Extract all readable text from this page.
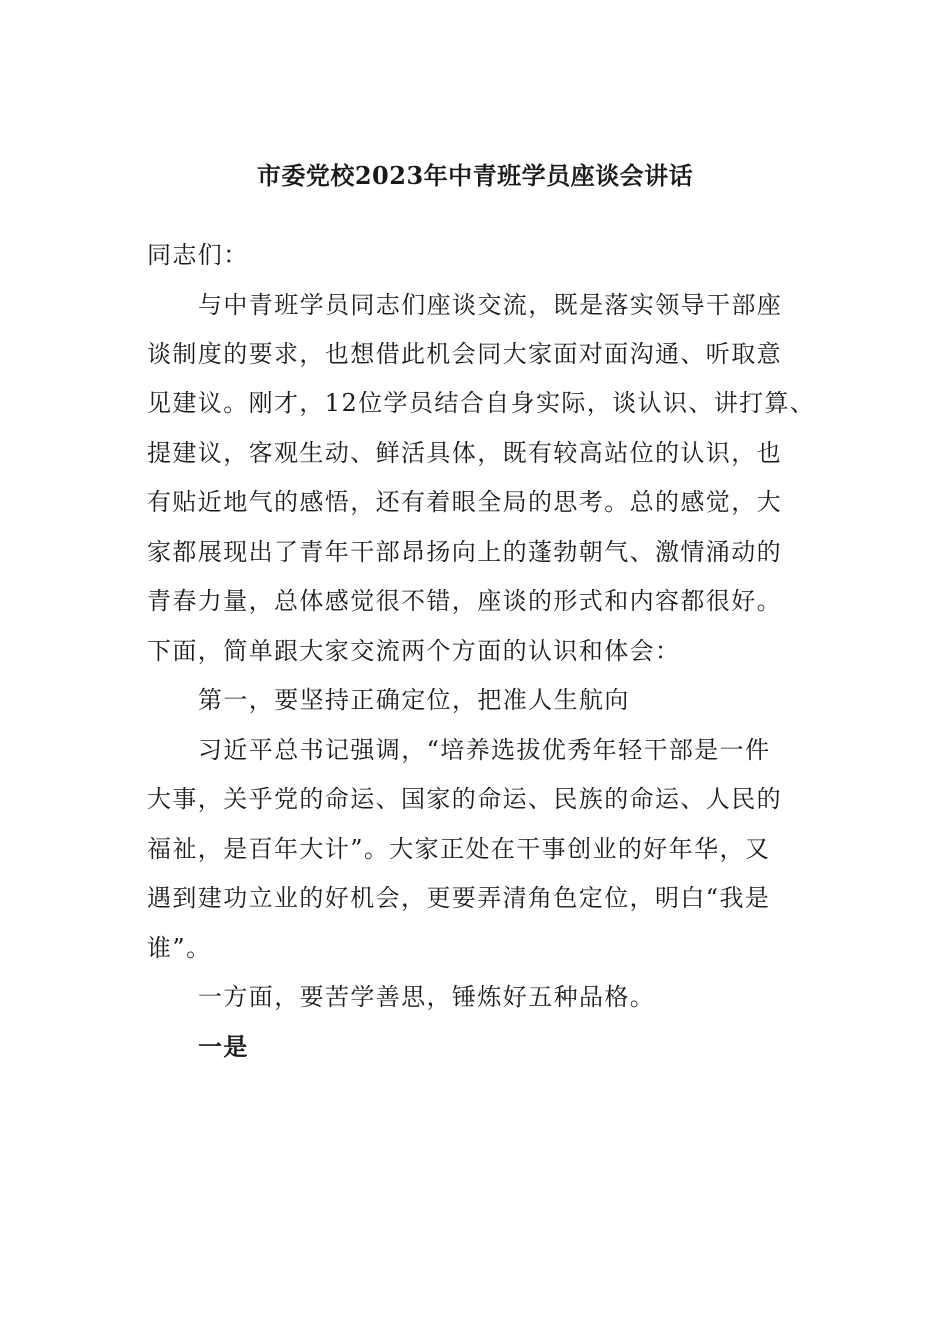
市委党校2023年中青班学员座谈会讲话
同志们：
与中青班学员同志们座谈交流，既是落实领导干部座
谈制度的要求，也想借此机会同大家面对面沟通、听取意
见建议。刚才，12位学员结合自身实际，谈认识、讲打算、
提建议，客观生动、鲜活具体，既有较高站位的认识，也
有贴近地气的感悟，还有着眼全局的思考。总的感觉，大
家都展现出了青年干部昂扬向上的蓬勃朝气、激情涌动的
青春力量，总体感觉很不错，座谈的形式和内容都很好。
下面，简单跟大家交流两个方面的认识和体会：
第一，要坚持正确定位，把准人生航向
习近平总书记强调，“培养选拔优秀年轻干部是一件
大事，关乎党的命运、国家的命运、民族的命运、人民的
福祉，是百年大计”。大家正处在干事创业的好年华，又
遇到建功立业的好机会，更要弄清角色定位，明白“我是
谁”。
一方面，要苦学善思，锤炼好五种品格。
一是
